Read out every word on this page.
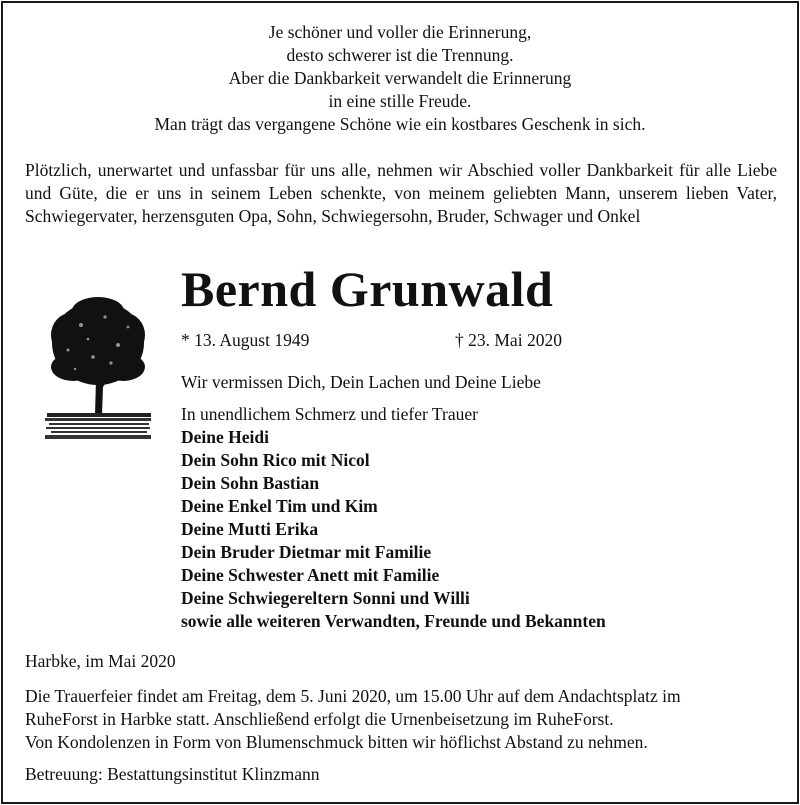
Je schöner und voller die Erinnerung,
desto schwerer ist die Trennung.
Aber die Dankbarkeit verwandelt die Erinnerung
in eine stille Freude.
Man trägt das vergangene Schöne wie ein kostbares Geschenk in sich.
Plötzlich, unerwartet und unfassbar für uns alle, nehmen wir Abschied voller Dankbarkeit für alle Liebe und Güte, die er uns in seinem Leben schenkte, von meinem geliebten Mann, unserem lieben Vater, Schwiegervater, herzensguten Opa, Sohn, Schwiegersohn, Bruder, Schwager und Onkel
Bernd Grunwald
* 13. August 1949	† 23. Mai 2020
Wir vermissen Dich, Dein Lachen und Deine Liebe
In unendlichem Schmerz und tiefer Trauer
Deine Heidi
Dein Sohn Rico mit Nicol
Dein Sohn Bastian
Deine Enkel Tim und Kim
Deine Mutti Erika
Dein Bruder Dietmar mit Familie
Deine Schwester Anett mit Familie
Deine Schwiegereltern Sonni und Willi
sowie alle weiteren Verwandten, Freunde und Bekannten
Harbke, im Mai 2020
Die Trauerfeier findet am Freitag, dem 5. Juni 2020, um 15.00 Uhr auf dem Andachtsplatz im
RuheForst in Harbke statt. Anschließend erfolgt die Urnenbeisetzung im RuheForst.
Von Kondolenzen in Form von Blumenschmuck bitten wir höflichst Abstand zu nehmen.
Betreuung: Bestattungsinstitut Klinzmann
